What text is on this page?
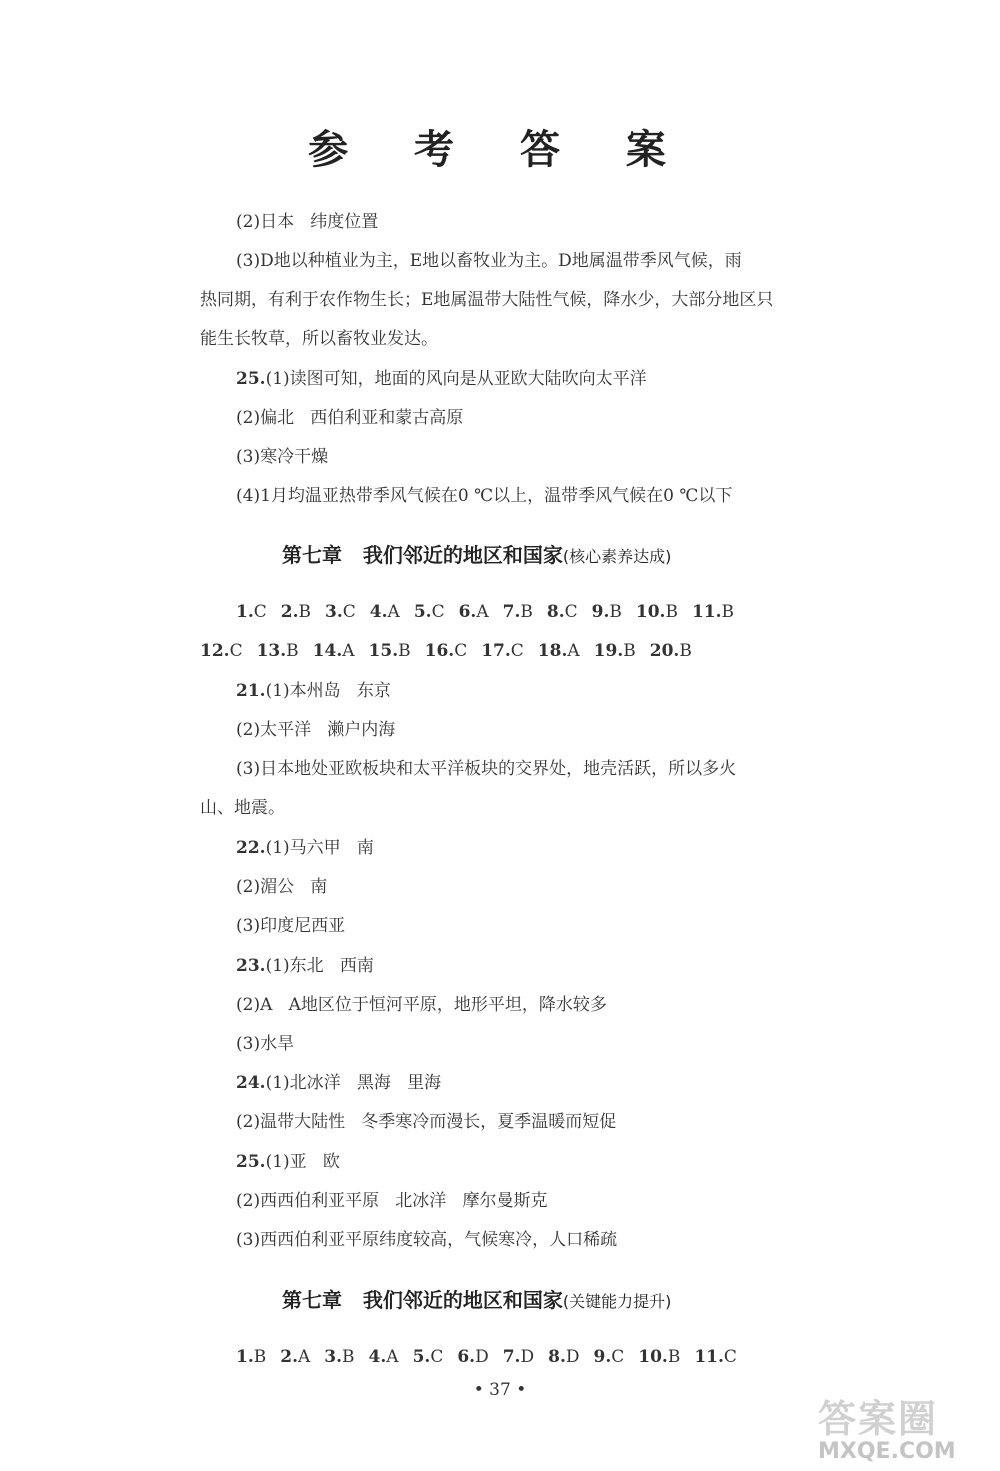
参 考 答 案
(2)日本   纬度位置
(3)D地以种植业为主，E地以畜牧业为主。D地属温带季风气候，雨
热同期，有利于农作物生长；E地属温带大陆性气候，降水少，大部分地区只
能生长牧草，所以畜牧业发达。
25.(1)读图可知，地面的风向是从亚欧大陆吹向太平洋
(2)偏北   西伯利亚和蒙古高原
(3)寒冷干燥
(4)1月均温亚热带季风气候在0 ℃以上，温带季风气候在0 ℃以下
第七章   我们邻近的地区和国家(核心素养达成)
1.C 2.B 3.C 4.A 5.C 6.A 7.B 8.C 9.B 10.B 11.B
12.C 13.B 14.A 15.B 16.C 17.C 18.A 19.B 20.B
21.(1)本州岛   东京
(2)太平洋   濑户内海
(3)日本地处亚欧板块和太平洋板块的交界处，地壳活跃，所以多火
山、地震。
22.(1)马六甲   南
(2)湄公   南
(3)印度尼西亚
23.(1)东北   西南
(2)A   A地区位于恒河平原，地形平坦，降水较多
(3)水旱
24.(1)北冰洋   黑海   里海
(2)温带大陆性   冬季寒冷而漫长，夏季温暖而短促
25.(1)亚   欧
(2)西西伯利亚平原   北冰洋   摩尔曼斯克
(3)西西伯利亚平原纬度较高，气候寒冷，人口稀疏
第七章   我们邻近的地区和国家(关键能力提升)
1.B 2.A 3.B 4.A 5.C 6.D 7.D 8.D 9.C 10.B 11.C
• 37 •
答案圈
MXQE.COM
